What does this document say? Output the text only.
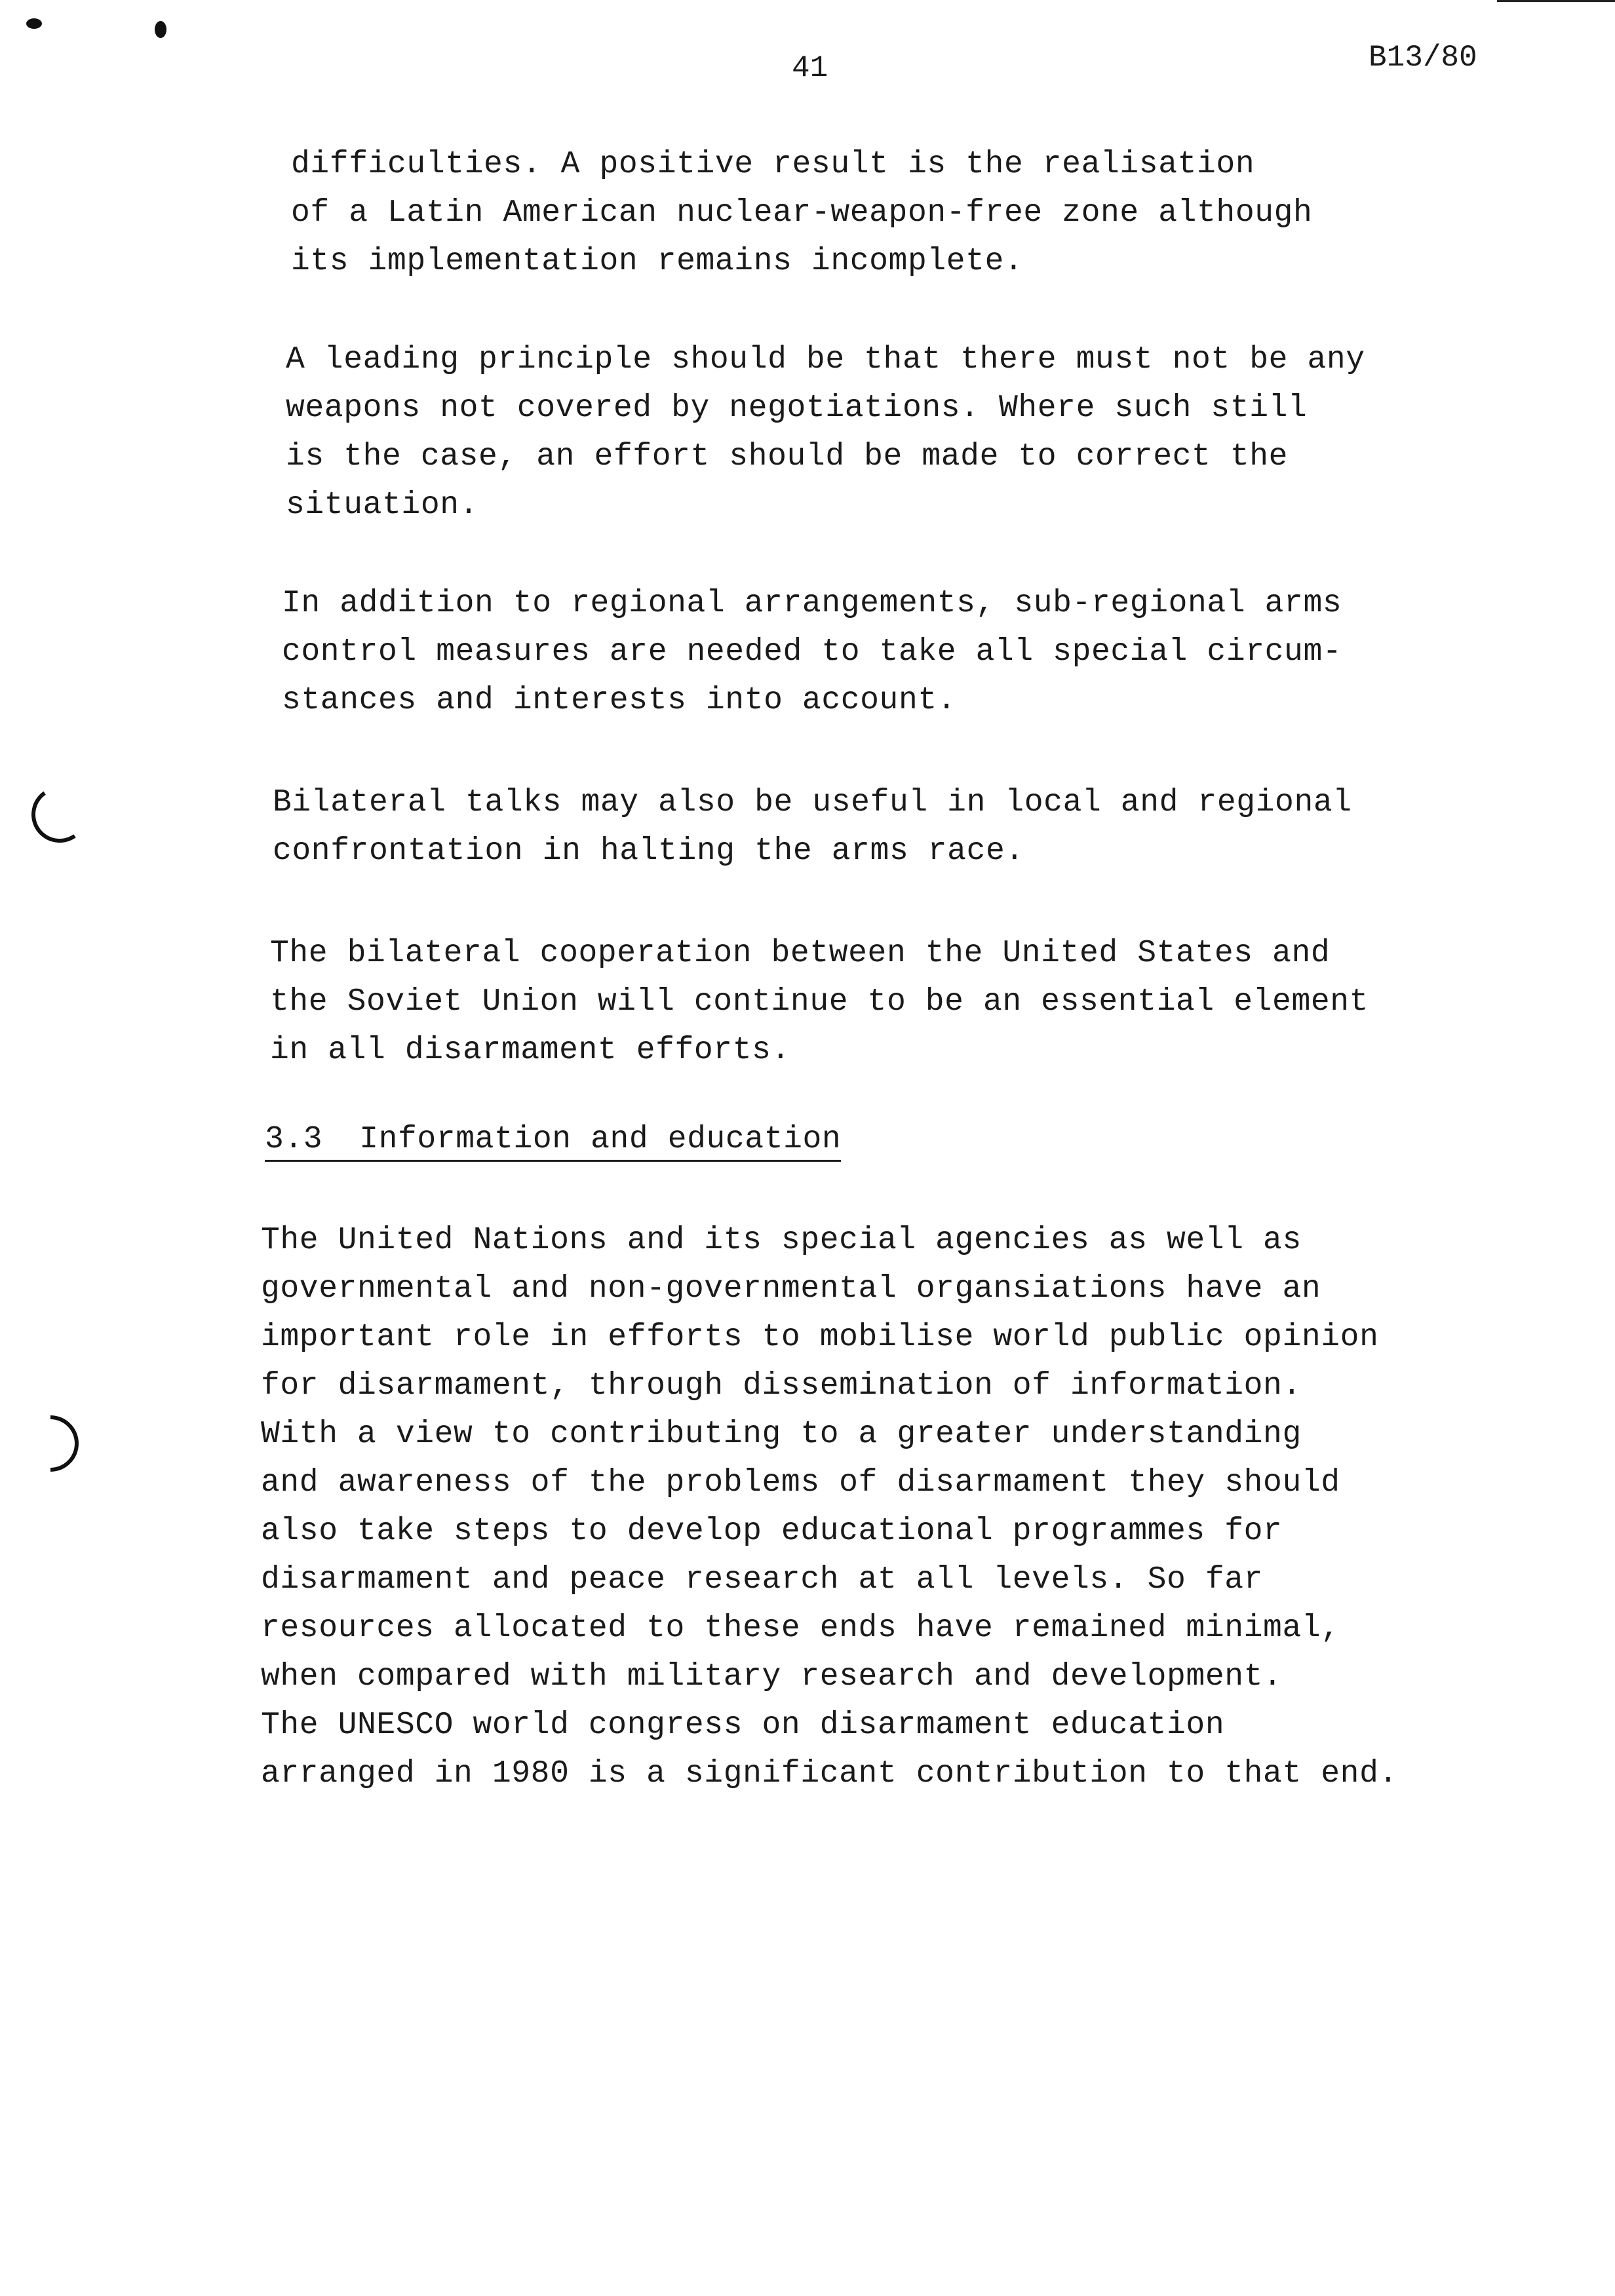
41	B13/80
difficulties. A positive result is the realisation
of a Latin American nuclear-weapon-free zone although
its implementation remains incomplete.
A leading principle should be that there must not be any
weapons not covered by negotiations. Where such still
is the case, an effort should be made to correct the
situation.
In addition to regional arrangements, sub-regional arms
control measures are needed to take all special circum-
stances and interests into account.
Bilateral talks may also be useful in local and regional
confrontation in halting the arms race.
The bilateral cooperation between the United States and
the Soviet Union will continue to be an essential element
in all disarmament efforts.
3.3 Information and education
The United Nations and its special agencies as well as
governmental and non-governmental organsiations have an
important role in efforts to mobilise world public opinion
for disarmament, through dissemination of information.
With a view to contributing to a greater understanding
and awareness of the problems of disarmament they should
also take steps to develop educational programmes for
disarmament and peace research at all levels. So far
resources allocated to these ends have remained minimal,
when compared with military research and development.
The UNESCO world congress on disarmament education
arranged in 1980 is a significant contribution to that end.
